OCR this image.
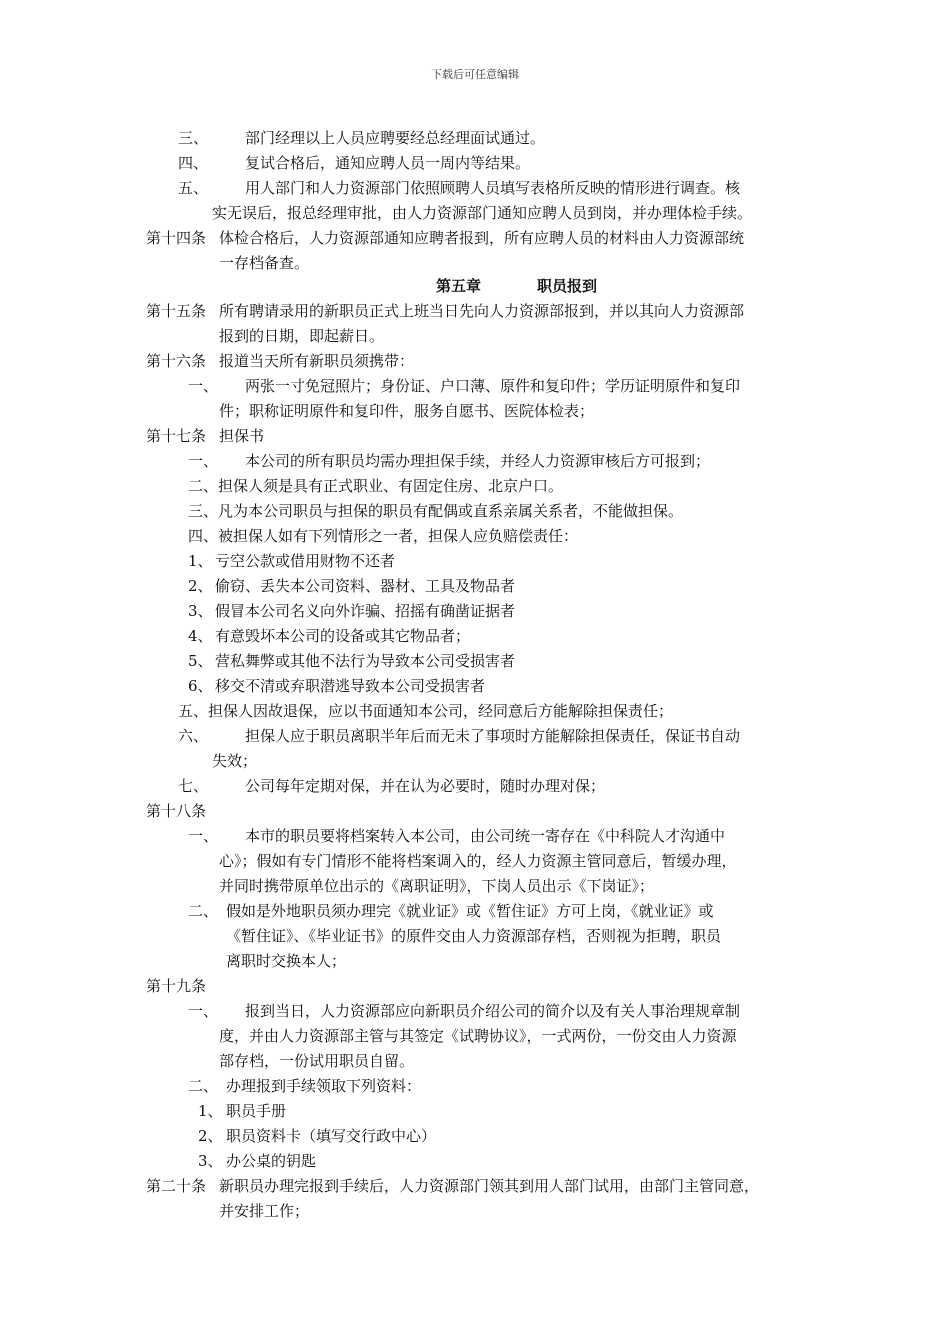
下载后可任意编辑
三、 部门经理以上人员应聘要经总经理面试通过。
四、 复试合格后，通知应聘人员一周内等结果。
五、 用人部门和人力资源部门依照顾聘人员填写表格所反映的情形进行调查。核
实无误后，报总经理审批，由人力资源部门通知应聘人员到岗，并办理体检手续。
第十四条 体检合格后，人力资源部通知应聘者报到，所有应聘人员的材料由人力资源部统
一存档备查。
第十五条 所有聘请录用的新职员正式上班当日先向人力资源部报到，并以其向人力资源部
报到的日期，即起薪日。
第十六条 报道当天所有新职员须携带：
一、 两张一寸免冠照片；身份证、户口薄、原件和复印件；学历证明原件和复印
件；职称证明原件和复印件，服务自愿书、医院体检表；
第十七条 担保书
一、 本公司的所有职员均需办理担保手续，并经人力资源审核后方可报到；
二、担保人须是具有正式职业、有固定住房、北京户口。
三、凡为本公司职员与担保的职员有配偶或直系亲属关系者，不能做担保。
四、被担保人如有下列情形之一者，担保人应负赔偿责任：
1、 亏空公款或借用财物不还者
2、 偷窃、丢失本公司资料、器材、工具及物品者
3、 假冒本公司名义向外诈骗、招摇有确凿证据者
4、 有意毁坏本公司的设备或其它物品者；
5、 营私舞弊或其他不法行为导致本公司受损害者
6、 移交不清或弃职潜逃导致本公司受损害者
五、担保人因故退保，应以书面通知本公司，经同意后方能解除担保责任；
六、 担保人应于职员离职半年后而无未了事项时方能解除担保责任，保证书自动
失效；
七、 公司每年定期对保，并在认为必要时，随时办理对保；
第十八条
一、 本市的职员要将档案转入本公司，由公司统一寄存在《中科院人才沟通中
心》；假如有专门情形不能将档案调入的，经人力资源主管同意后，暂缓办理，
并同时携带原单位出示的《离职证明》，下岗人员出示《下岗证》；
二、 假如是外地职员须办理完《就业证》或《暂住证》方可上岗，《就业证》或
《暂住证》、《毕业证书》的原件交由人力资源部存档，否则视为拒聘，职员
离职时交换本人；
第十九条
一、 报到当日，人力资源部应向新职员介绍公司的简介以及有关人事治理规章制
度，并由人力资源部主管与其签定《试聘协议》，一式两份，一份交由人力资源
部存档，一份试用职员自留。
二、 办理报到手续领取下列资料：
1、 职员手册
2、 职员资料卡（填写交行政中心）
3、 办公桌的钥匙
第二十条 新职员办理完报到手续后，人力资源部门领其到用人部门试用，由部门主管同意，
并安排工作；
第五章	职员报到
